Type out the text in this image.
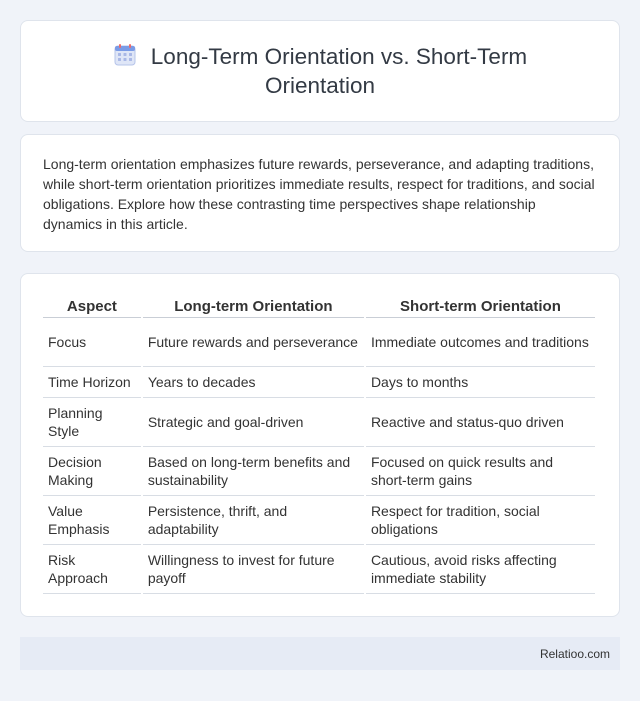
Long-Term Orientation vs. Short-Term Orientation

Long-term orientation emphasizes future rewards, perseverance, and adapting traditions, while short-term orientation prioritizes immediate results, respect for traditions, and social obligations. Explore how these contrasting time perspectives shape relationship dynamics in this article.

Aspect	Long-term Orientation	Short-term Orientation
Focus	Future rewards and perseverance	Immediate outcomes and traditions
Time Horizon	Years to decades	Days to months
Planning Style	Strategic and goal-driven	Reactive and status-quo driven
Decision Making	Based on long-term benefits and sustainability	Focused on quick results and short-term gains
Value Emphasis	Persistence, thrift, and adaptability	Respect for tradition, social obligations
Risk Approach	Willingness to invest for future payoff	Cautious, avoid risks affecting immediate stability
Relatioo.com
